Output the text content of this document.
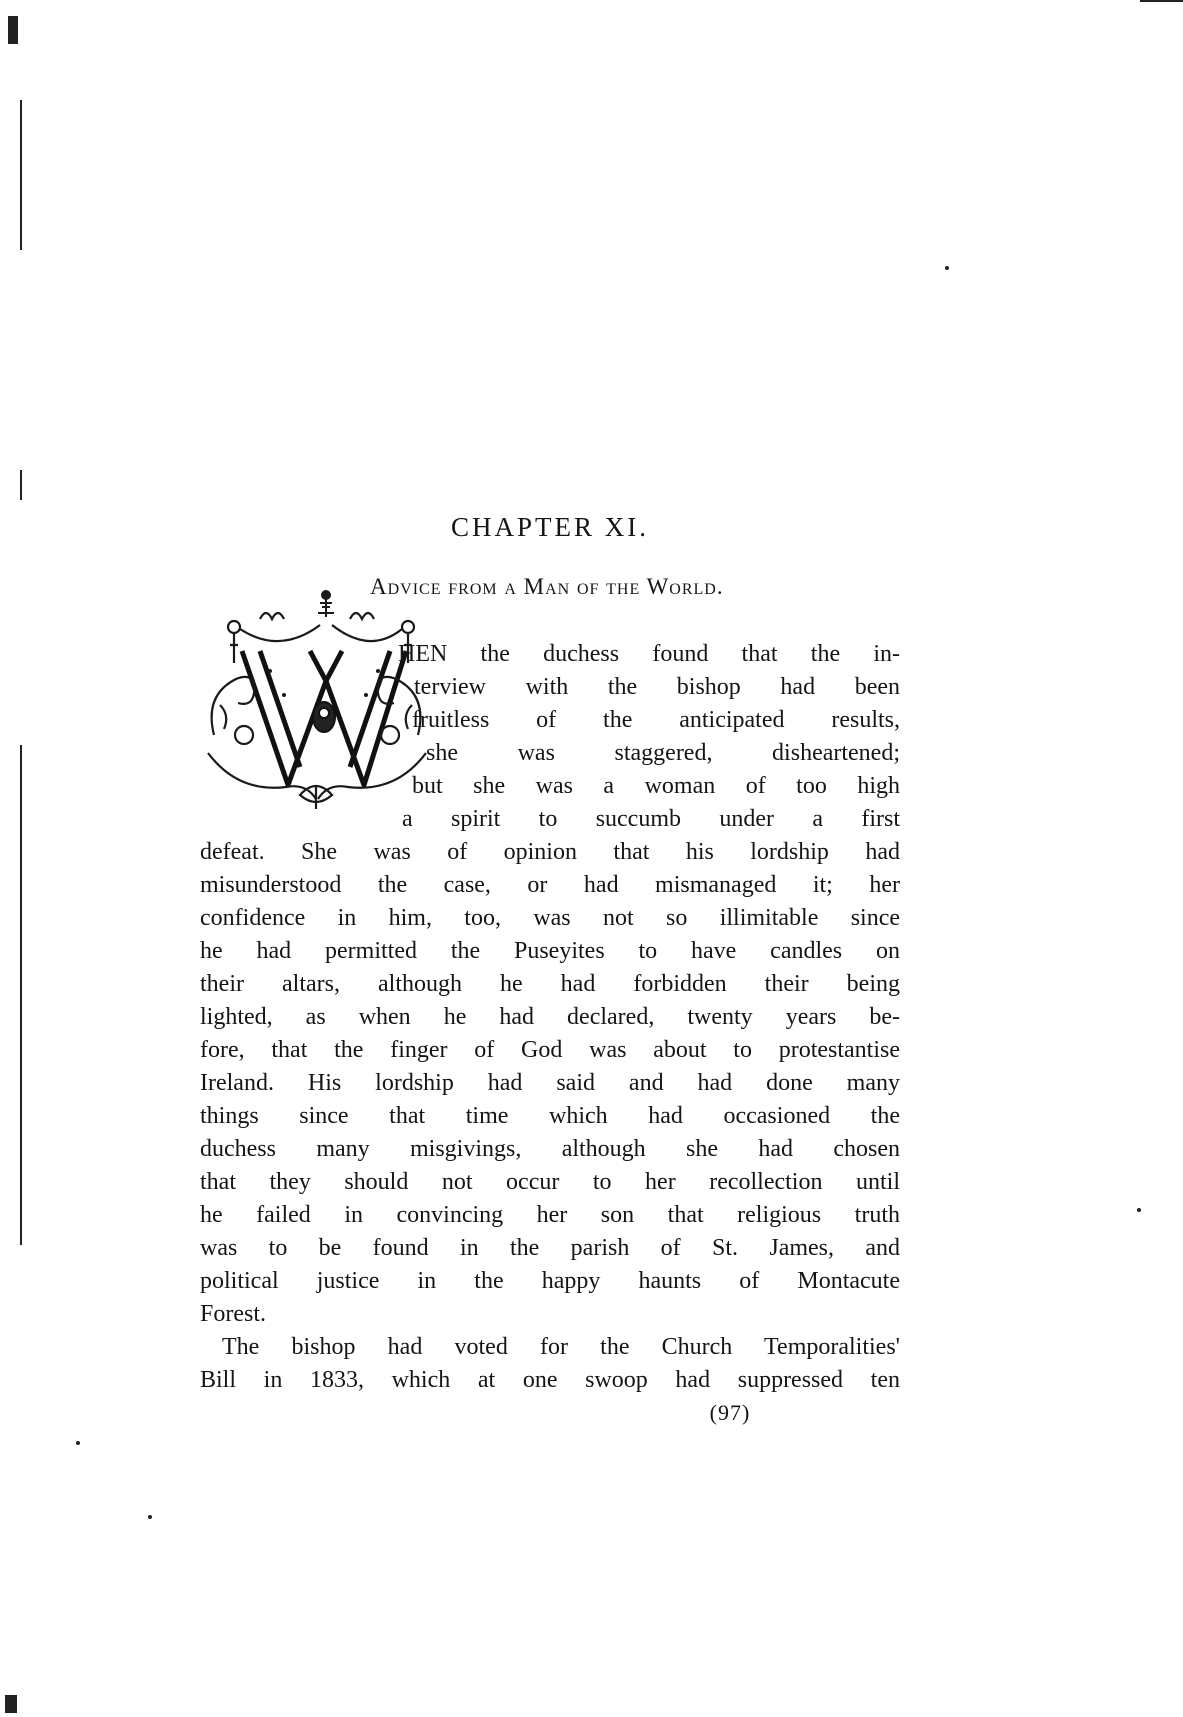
CHAPTER XI.
Advice from a Man of the World.
HEN the duchess found that the in-
terview with the bishop had been
fruitless of the anticipated results,
she was staggered, disheartened;
but she was a woman of too high
a spirit to succumb under a first
defeat. She was of opinion that his lordship had
misunderstood the case, or had mismanaged it; her
confidence in him, too, was not so illimitable since
he had permitted the Puseyites to have candles on
their altars, although he had forbidden their being
lighted, as when he had declared, twenty years be-
fore, that the finger of God was about to protestantise
Ireland. His lordship had said and had done many
things since that time which had occasioned the
duchess many misgivings, although she had chosen
that they should not occur to her recollection until
he failed in convincing her son that religious truth
was to be found in the parish of St. James, and
political justice in the happy haunts of Montacute
Forest.
The bishop had voted for the Church Temporalities'
Bill in 1833, which at one swoop had suppressed ten
(97)
